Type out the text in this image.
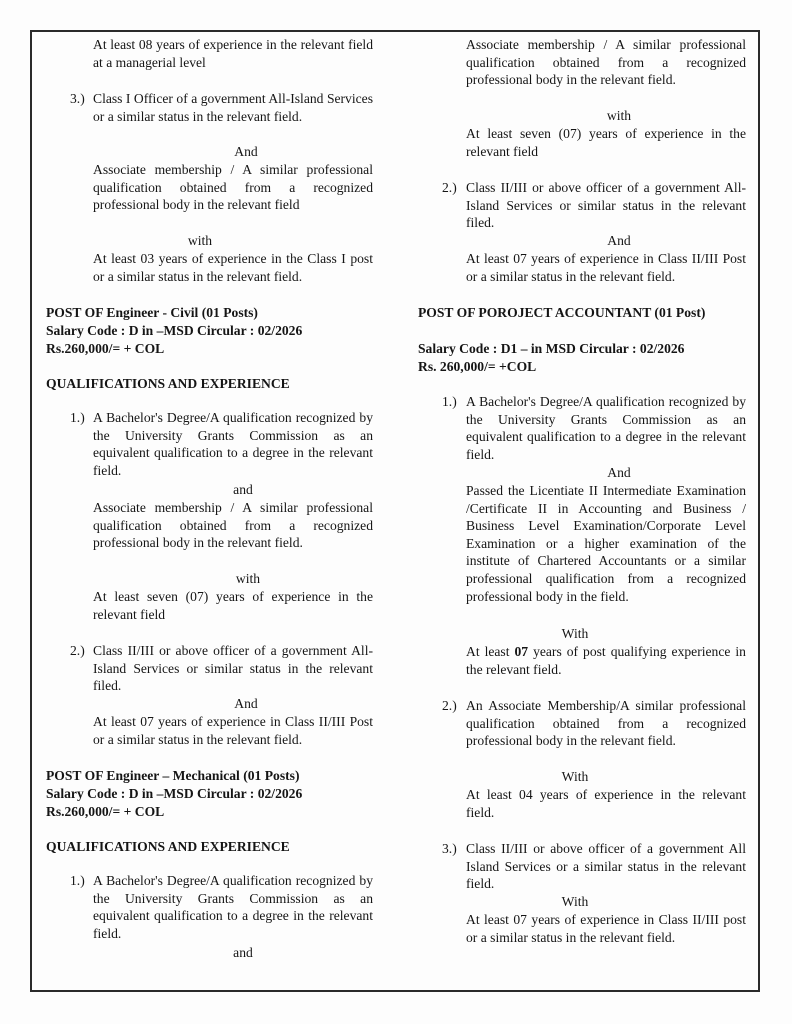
At least 08 years of experience in the relevant field at a managerial level
3.) Class I Officer of a government All-Island Services or a similar status in the relevant field.
And
Associate membership / A similar professional qualification obtained from a recognized professional body in the relevant field
with
At least 03 years of experience in the Class I post or a similar status in the relevant field.
POST OF Engineer - Civil (01 Posts)
Salary Code : D in –MSD Circular : 02/2026
Rs.260,000/= + COL
QUALIFICATIONS AND EXPERIENCE
1.) A Bachelor's Degree/A qualification recognized by the University Grants Commission as an equivalent qualification to a degree in the relevant field.
and
Associate membership / A similar professional qualification obtained from a recognized professional body in the relevant field.
with
At least seven (07) years of experience in the relevant field
2.) Class II/III or above officer of a government All-Island Services or similar status in the relevant filed.
And
At least 07 years of experience in Class II/III Post or a similar status in the relevant field.
POST OF Engineer – Mechanical (01 Posts)
Salary Code : D in –MSD Circular : 02/2026
Rs.260,000/= + COL
QUALIFICATIONS AND EXPERIENCE
1.) A Bachelor's Degree/A qualification recognized by the University Grants Commission as an equivalent qualification to a degree in the relevant field.
and
Associate membership / A similar professional qualification obtained from a recognized professional body in the relevant field.
with
At least seven (07) years of experience in the relevant field
2.) Class II/III or above officer of a government All-Island Services or similar status in the relevant filed.
And
At least 07 years of experience in Class II/III Post or a similar status in the relevant field.
POST OF POROJECT ACCOUNTANT (01 Post)
Salary Code : D1 – in MSD Circular : 02/2026
Rs. 260,000/= +COL
1.) A Bachelor's Degree/A qualification recognized by the University Grants Commission as an equivalent qualification to a degree in the relevant field.
And
Passed the Licentiate II Intermediate Examination /Certificate II in Accounting and Business / Business Level Examination/Corporate Level Examination or a higher examination of the institute of Chartered Accountants or a similar professional qualification from a recognized professional body in the field.
With
At least 07 years of post qualifying experience in the relevant field.
2.) An Associate Membership/A similar professional qualification obtained from a recognized professional body in the relevant field.
With
At least 04 years of experience in the relevant field.
3.) Class II/III or above officer of a government All Island Services or a similar status in the relevant field.
With
At least 07 years of experience in Class II/III post or a similar status in the relevant field.
